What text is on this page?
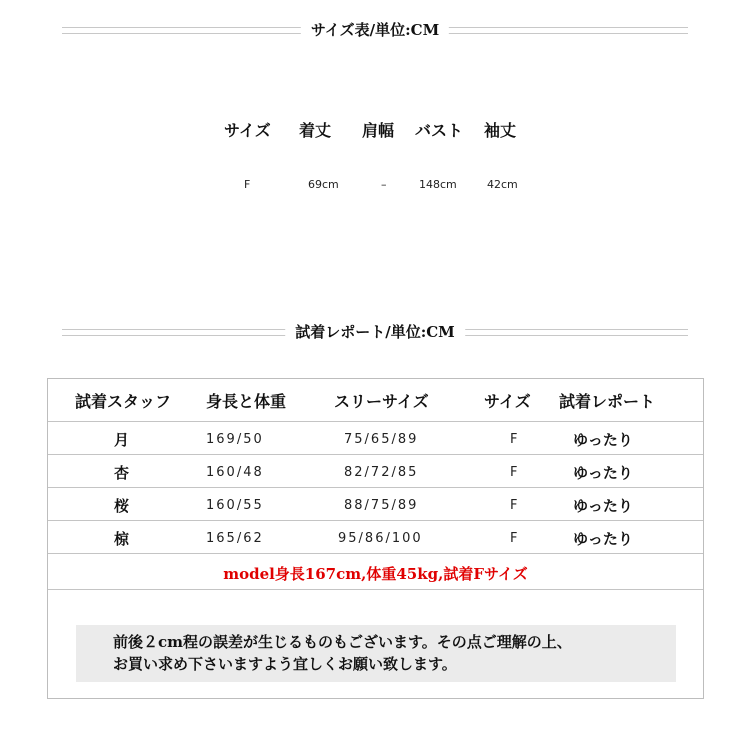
サイズ表/単位:CM
サイズ 着丈 肩幅 バスト 袖丈
F	69cm	–	148cm	42cm
試着レポート/単位:CM
試着スタッフ 身長と体重	スリーサイズ	サイズ 試着レポート
月	169/50	75/65/89	F	ゆったり
杏	160/48	82/72/85	F	ゆったり
桜	160/55	88/75/89	F	ゆったり
椋	165/62	95/86/100	F	ゆったり
model身長167cm,体重45kg,試着Fサイズ
前後２cm程の誤差が生じるものもございます。その点ご理解の上、
お買い求め下さいますよう宜しくお願い致します。
